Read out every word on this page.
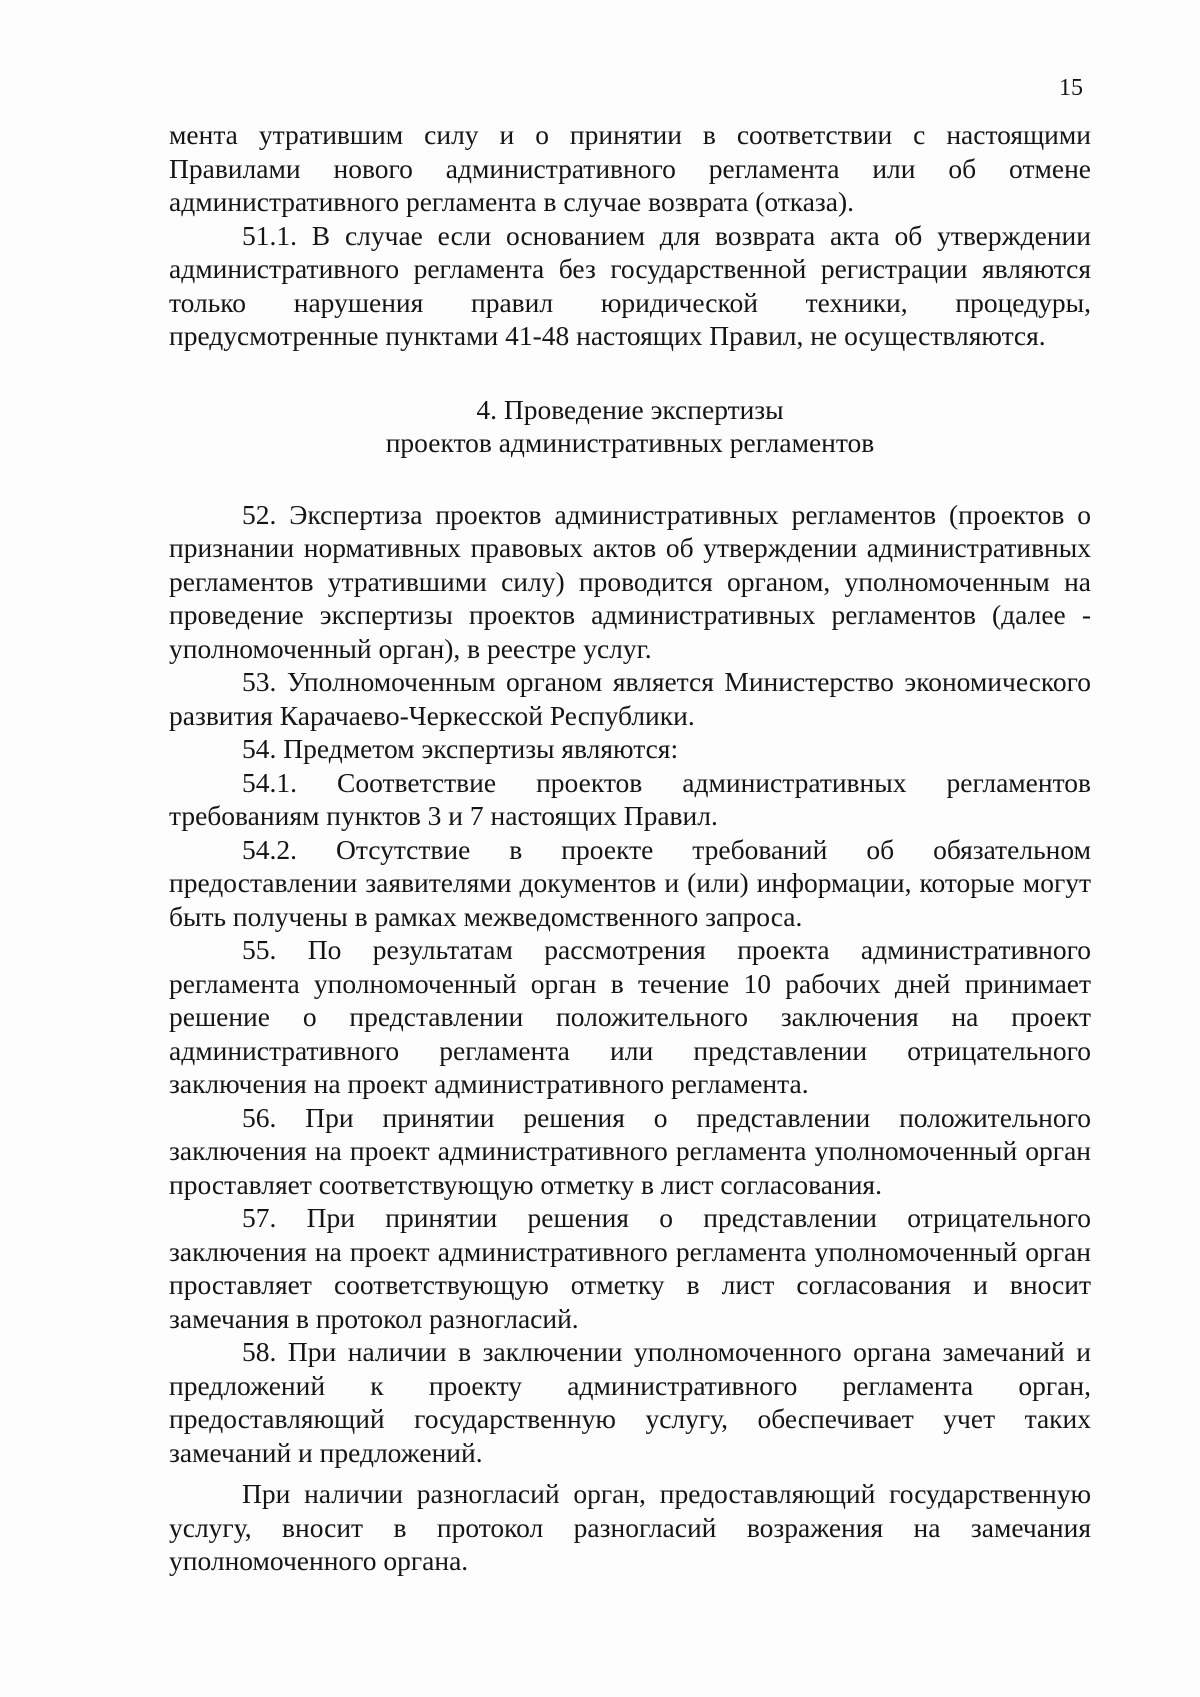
15

мента утратившим силу и о принятии в соответствии с настоящими Правилами нового административного регламента или об отмене административного регламента в случае возврата (отказа).

51.1. В случае если основанием для возврата акта об утверждении административного регламента без государственной регистрации являются только нарушения правил юридической техники, процедуры, предусмотренные пунктами 41-48 настоящих Правил, не осуществляются.

4. Проведение экспертизы
проектов административных регламентов

52. Экспертиза проектов административных регламентов (проектов о признании нормативных правовых актов об утверждении административных регламентов утратившими силу) проводится органом, уполномоченным на проведение экспертизы проектов административных регламентов (далее - уполномоченный орган), в реестре услуг.

53. Уполномоченным органом является Министерство экономического развития Карачаево-Черкесской Республики.

54. Предметом экспертизы являются:

54.1. Соответствие проектов административных регламентов требованиям пунктов 3 и 7 настоящих Правил.

54.2. Отсутствие в проекте требований об обязательном предоставлении заявителями документов и (или) информации, которые могут быть получены в рамках межведомственного запроса.

55. По результатам рассмотрения проекта административного регламента уполномоченный орган в течение 10 рабочих дней принимает решение о представлении положительного заключения на проект административного регламента или представлении отрицательного заключения на проект административного регламента.

56. При принятии решения о представлении положительного заключения на проект административного регламента уполномоченный орган проставляет соответствующую отметку в лист согласования.

57. При принятии решения о представлении отрицательного заключения на проект административного регламента уполномоченный орган проставляет соответствующую отметку в лист согласования и вносит замечания в протокол разногласий.

58. При наличии в заключении уполномоченного органа замечаний и предложений к проекту административного регламента орган, предоставляющий государственную услугу, обеспечивает учет таких замечаний и предложений.

При наличии разногласий орган, предоставляющий государственную услугу, вносит в протокол разногласий возражения на замечания уполномоченного органа.
